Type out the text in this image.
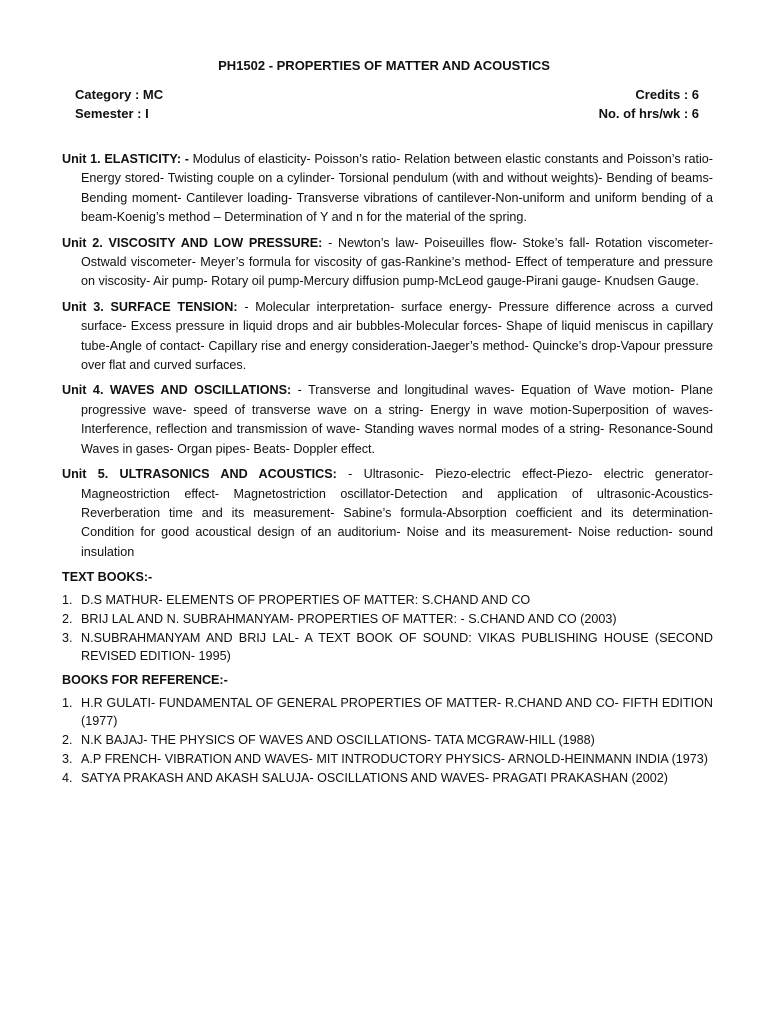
PH1502 - PROPERTIES OF MATTER AND ACOUSTICS
Category : MC	Credits : 6
Semester : I	No. of hrs/wk : 6

Unit 1. ELASTICITY: - Modulus of elasticity- Poisson’s ratio- Relation between elastic constants and Poisson’s ratio-Energy stored- Twisting couple on a cylinder- Torsional pendulum (with and without weights)- Bending of beams- Bending moment- Cantilever loading- Transverse vibrations of cantilever-Non-uniform and uniform bending of a beam-Koenig’s method – Determination of Y and n for the material of the spring.

Unit 2. VISCOSITY AND LOW PRESSURE: - Newton’s law- Poiseuilles flow- Stoke’s fall- Rotation viscometer- Ostwald viscometer- Meyer’s formula for viscosity of gas-Rankine’s method- Effect of temperature and pressure on viscosity- Air pump- Rotary oil pump-Mercury diffusion pump-McLeod gauge-Pirani gauge- Knudsen Gauge.

Unit 3. SURFACE TENSION: - Molecular interpretation- surface energy- Pressure difference across a curved surface- Excess pressure in liquid drops and air bubbles-Molecular forces- Shape of liquid meniscus in capillary tube-Angle of contact- Capillary rise and energy consideration-Jaeger’s method- Quincke’s drop-Vapour pressure over flat and curved surfaces.

Unit 4. WAVES AND OSCILLATIONS: - Transverse and longitudinal waves- Equation of Wave motion- Plane progressive wave- speed of transverse wave on a string- Energy in wave motion-Superposition of waves- Interference, reflection and transmission of wave- Standing waves normal modes of a string- Resonance-Sound Waves in gases- Organ pipes- Beats- Doppler effect.

Unit 5. ULTRASONICS AND ACOUSTICS: - Ultrasonic- Piezo-electric effect-Piezo- electric generator- Magneostriction effect- Magnetostriction oscillator-Detection and application of ultrasonic-Acoustics- Reverberation time and its measurement- Sabine’s formula-Absorption coefficient and its determination- Condition for good acoustical design of an auditorium- Noise and its measurement- Noise reduction- sound insulation

TEXT BOOKS:-
1. D.S MATHUR- ELEMENTS OF PROPERTIES OF MATTER: S.CHAND AND CO
2. BRIJ LAL AND N. SUBRAHMANYAM- PROPERTIES OF MATTER: - S.CHAND AND CO (2003)
3. N.SUBRAHMANYAM AND BRIJ LAL- A TEXT BOOK OF SOUND: VIKAS PUBLISHING HOUSE (SECOND REVISED EDITION- 1995)
BOOKS FOR REFERENCE:-
1. H.R GULATI- FUNDAMENTAL OF GENERAL PROPERTIES OF MATTER- R.CHAND AND CO- FIFTH EDITION (1977)
2. N.K BAJAJ- THE PHYSICS OF WAVES AND OSCILLATIONS- TATA MCGRAW-HILL (1988)
3. A.P FRENCH- VIBRATION AND WAVES- MIT INTRODUCTORY PHYSICS- ARNOLD-HEINMANN INDIA (1973)
4. SATYA PRAKASH AND AKASH SALUJA- OSCILLATIONS AND WAVES- PRAGATI PRAKASHAN (2002)
